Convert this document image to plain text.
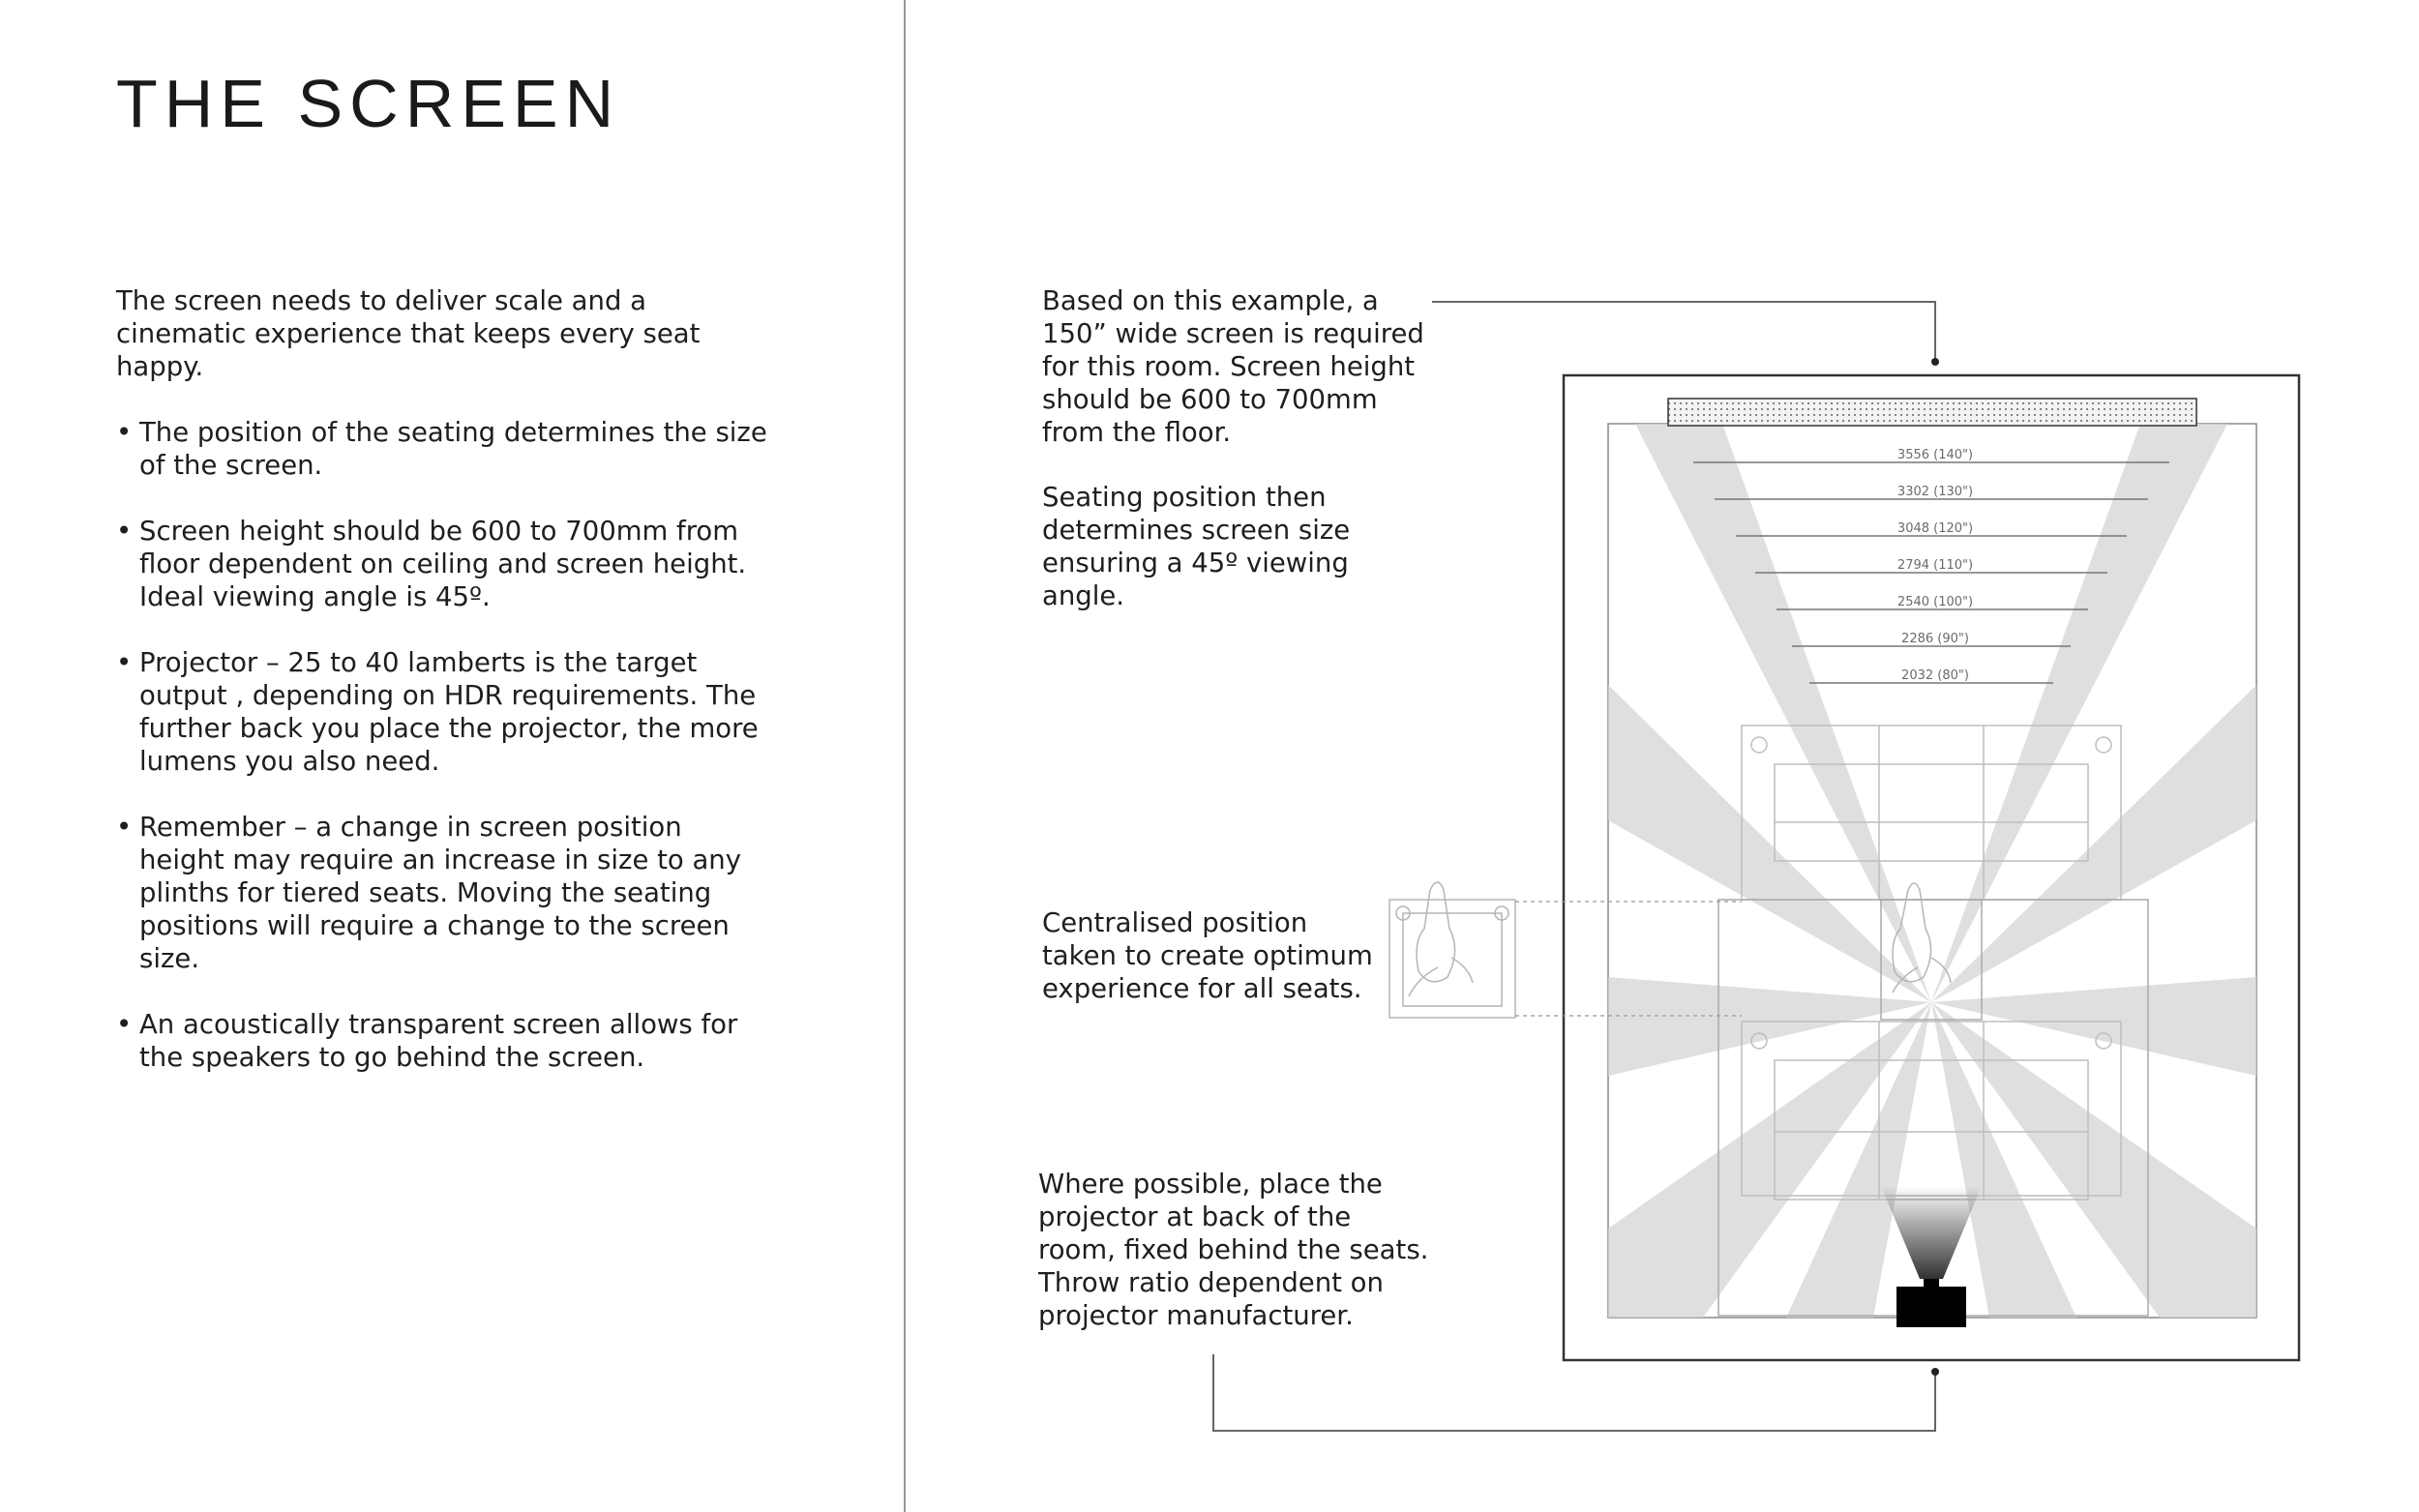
THE SCREEN

The screen needs to deliver scale and a cinematic experience that keeps every seat happy.

• The position of the seating determines the size of the screen.
• Screen height should be 600 to 700mm from floor dependent on ceiling and screen height. Ideal viewing angle is 45º.
• Projector – 25 to 40 lamberts is the target output , depending on HDR requirements. The further back you place the projector, the more lumens you also need.
• Remember – a change in screen position height may require an increase in size to any plinths for tiered seats. Moving the seating positions will require a change to the screen size.
• An acoustically transparent screen allows for the speakers to go behind the screen.

Based on this example, a
150” wide screen is required
for this room. Screen height
should be 600 to 700mm
from the floor.

Seating position then
determines screen size
ensuring a 45º viewing
angle.

Centralised position
taken to create optimum
experience for all seats.

Where possible, place the
projector at back of the
room, fixed behind the seats.
Throw ratio dependent on
projector manufacturer.

3556 (140")
3302 (130")
3048 (120")
2794 (110")
2540 (100")
2286 (90")
2032 (80")
